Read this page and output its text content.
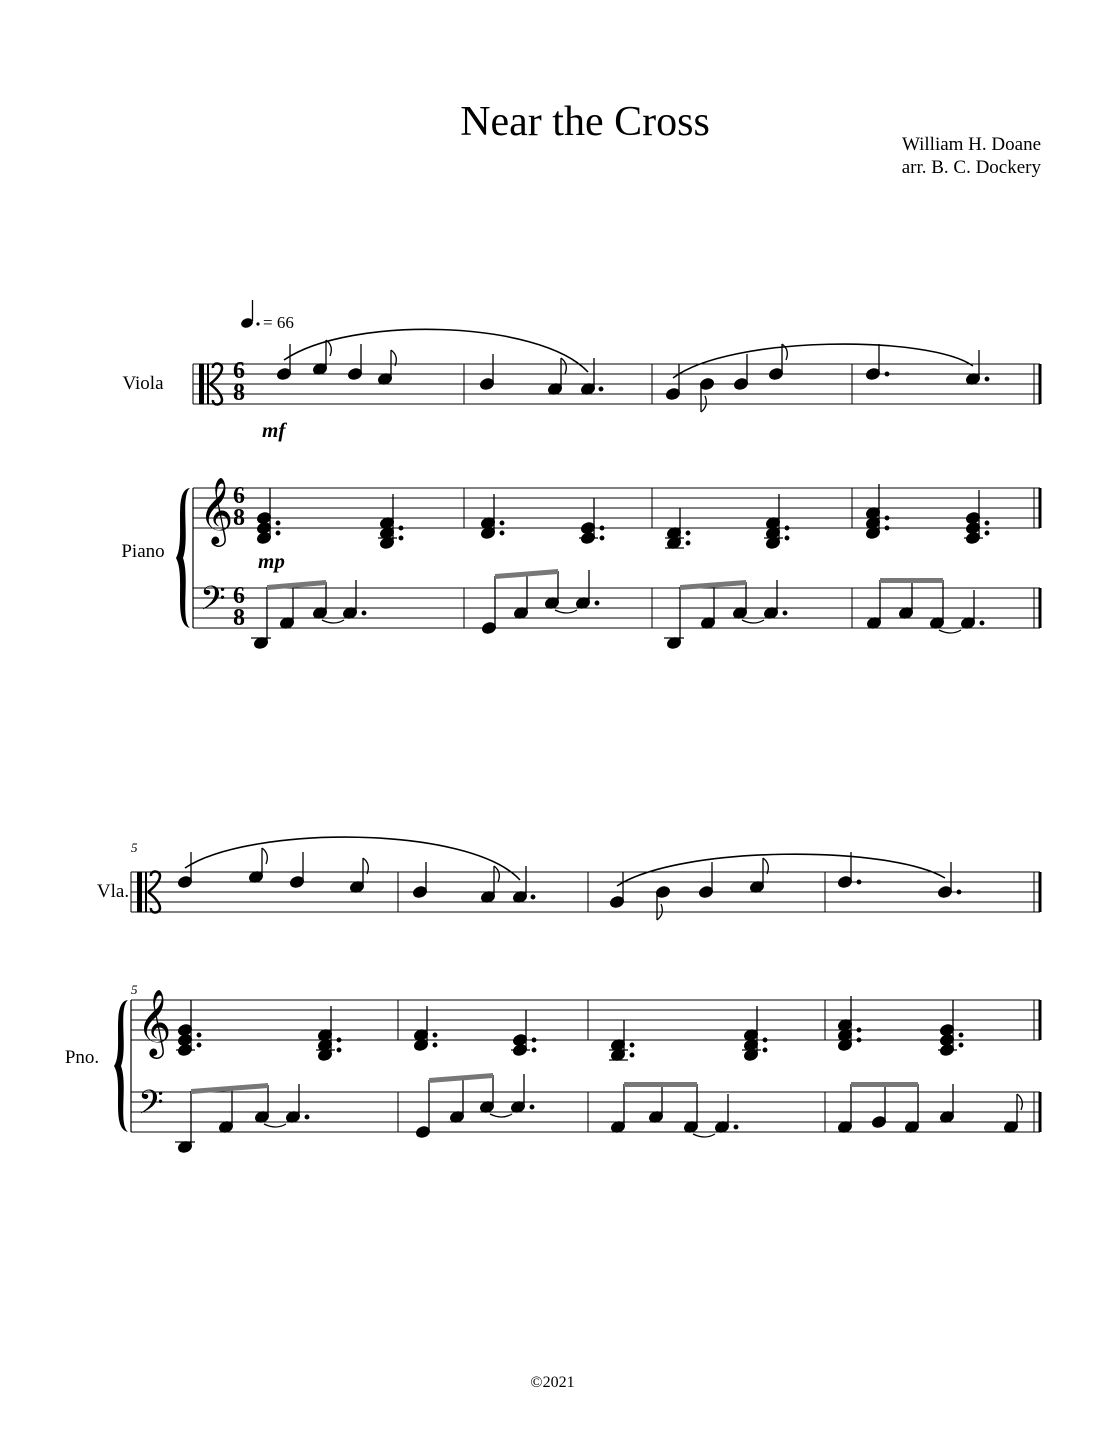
Near the Cross	William H. Doane
arr. B. C. Dockery
= 66
Viola	6
8
mf
Piano
𝄞 6
8
mp
𝄢 6
8
5
Vla.
Pno.
5 𝄞
𝄢
©2021
